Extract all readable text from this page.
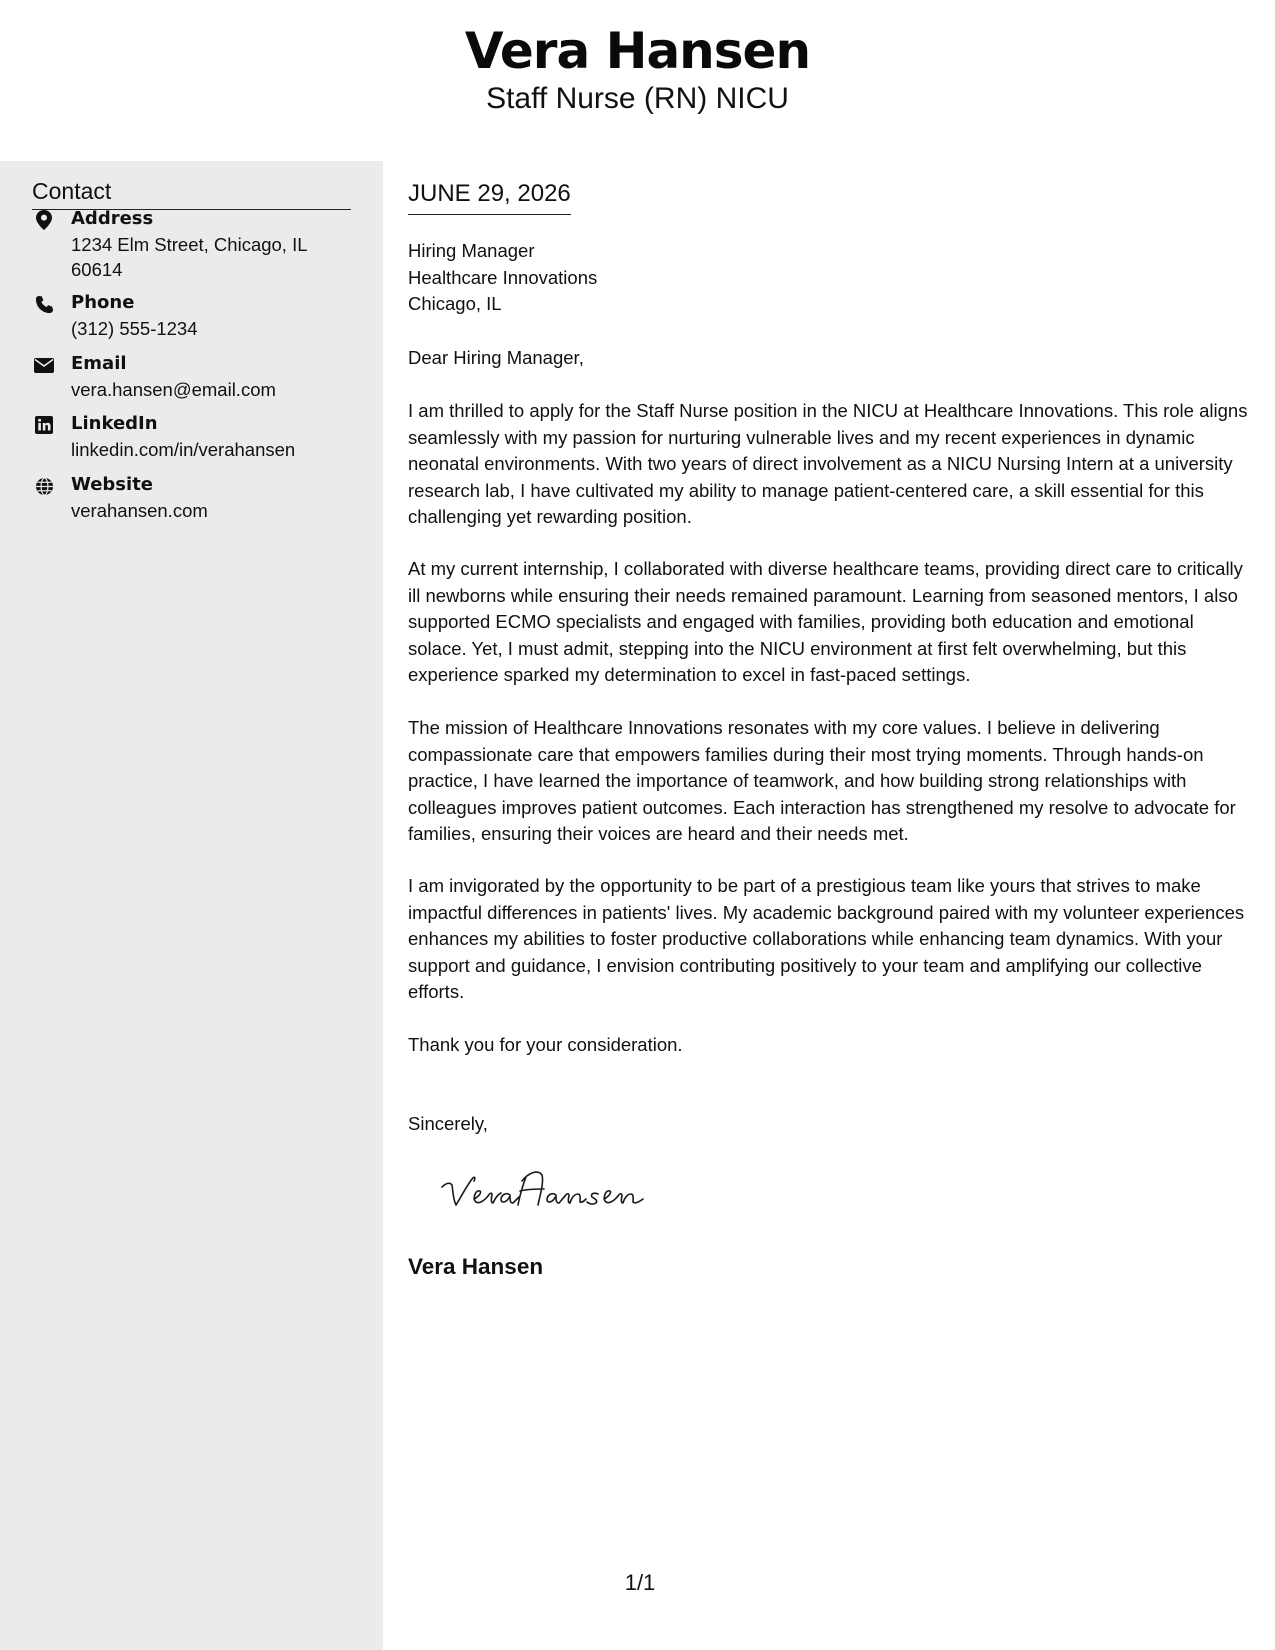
Vera Hansen
Staff Nurse (RN) NICU
Contact
Address
1234 Elm Street, Chicago, IL 60614
Phone
(312) 555-1234
Email
vera.hansen@email.com
LinkedIn
linkedin.com/in/verahansen
Website
verahansen.com
JUNE 29, 2026
Hiring Manager
Healthcare Innovations
Chicago, IL
Dear Hiring Manager,

I am thrilled to apply for the Staff Nurse position in the NICU at Healthcare Innovations. This role aligns seamlessly with my passion for nurturing vulnerable lives and my recent experiences in dynamic neonatal environments. With two years of direct involvement as a NICU Nursing Intern at a university research lab, I have cultivated my ability to manage patient-centered care, a skill essential for this challenging yet rewarding position.

At my current internship, I collaborated with diverse healthcare teams, providing direct care to critically ill newborns while ensuring their needs remained paramount. Learning from seasoned mentors, I also supported ECMO specialists and engaged with families, providing both education and emotional solace. Yet, I must admit, stepping into the NICU environment at first felt overwhelming, but this experience sparked my determination to excel in fast-paced settings.

The mission of Healthcare Innovations resonates with my core values. I believe in delivering compassionate care that empowers families during their most trying moments. Through hands-on practice, I have learned the importance of teamwork, and how building strong relationships with colleagues improves patient outcomes. Each interaction has strengthened my resolve to advocate for families, ensuring their voices are heard and their needs met.

I am invigorated by the opportunity to be part of a prestigious team like yours that strives to make impactful differences in patients' lives. My academic background paired with my volunteer experiences enhances my abilities to foster productive collaborations while enhancing team dynamics. With your support and guidance, I envision contributing positively to your team and amplifying our collective efforts.

Thank you for your consideration.
Sincerely,
Vera Hansen
1/1
